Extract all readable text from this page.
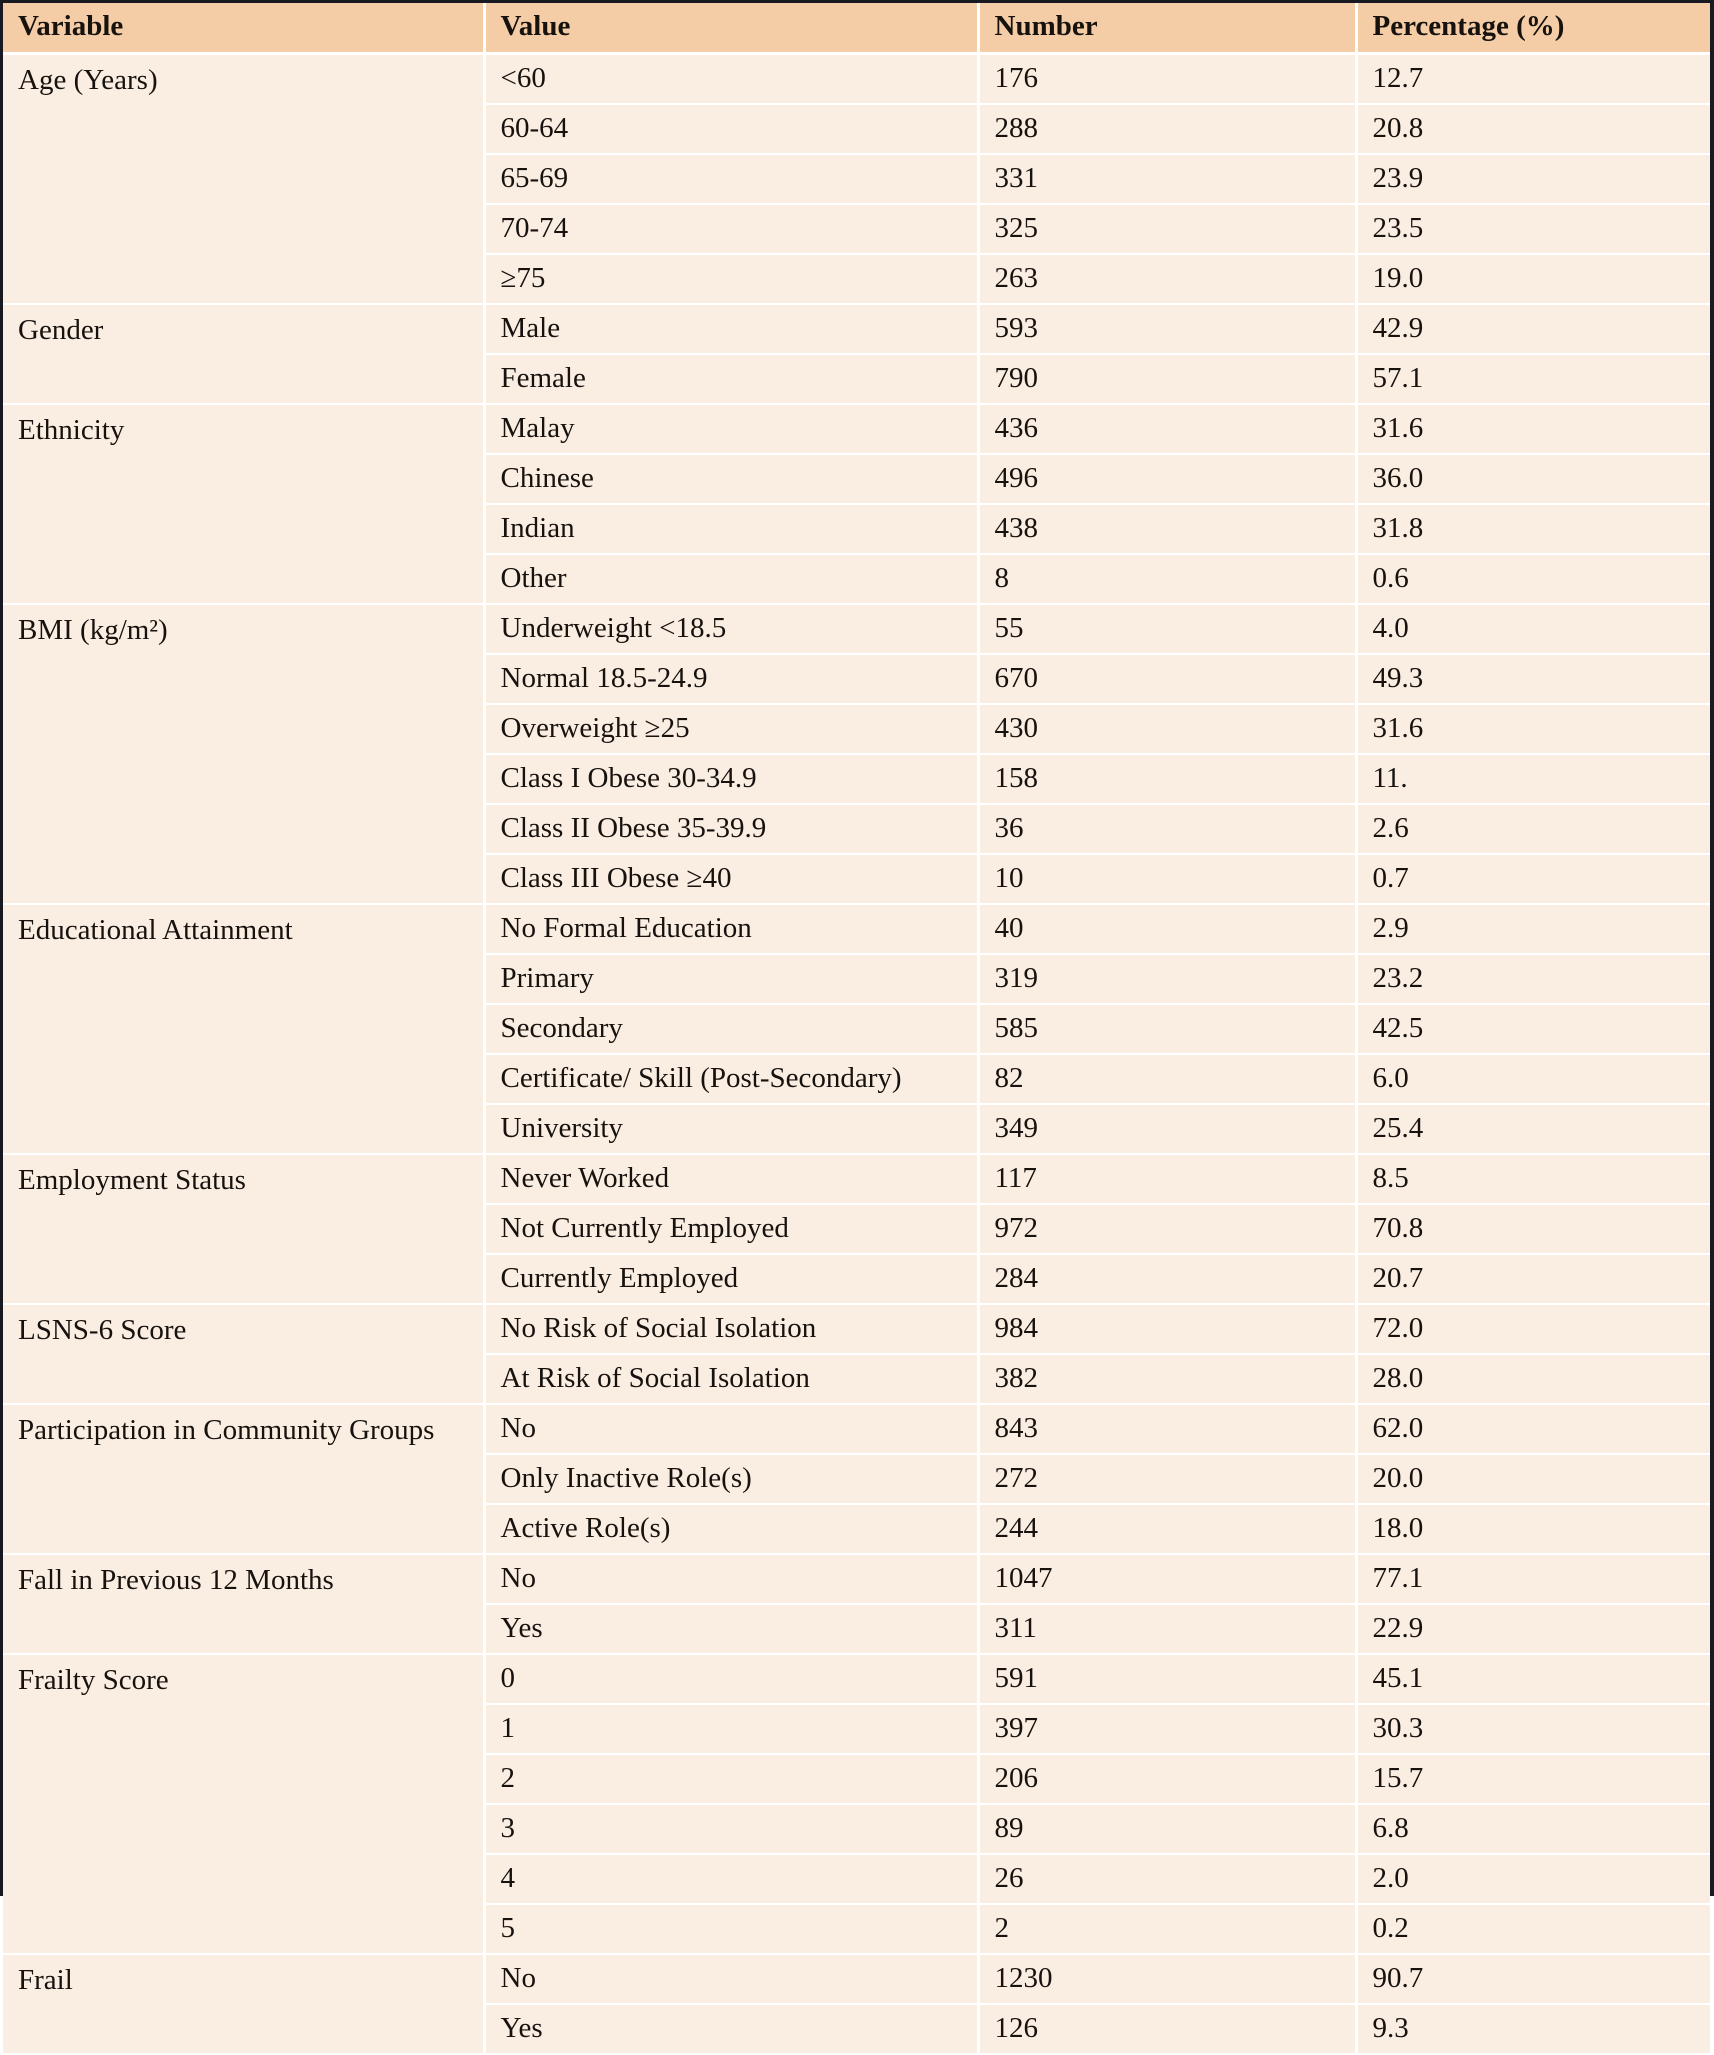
Variable	Value	Number	Percentage (%)
Age (Years)	<60	176	12.7
	60-64	288	20.8
	65-69	331	23.9
	70-74	325	23.5
	≥75	263	19.0
Gender	Male	593	42.9
	Female	790	57.1
Ethnicity	Malay	436	31.6
	Chinese	496	36.0
	Indian	438	31.8
	Other	8	0.6
BMI (kg/m²)	Underweight <18.5	55	4.0
	Normal 18.5-24.9	670	49.3
	Overweight ≥25	430	31.6
	Class I Obese 30-34.9	158	11.
	Class II Obese 35-39.9	36	2.6
	Class III Obese ≥40	10	0.7
Educational Attainment	No Formal Education	40	2.9
	Primary	319	23.2
	Secondary	585	42.5
	Certificate/ Skill (Post-Secondary)	82	6.0
	University	349	25.4
Employment Status	Never Worked	117	8.5
	Not Currently Employed	972	70.8
	Currently Employed	284	20.7
LSNS-6 Score	No Risk of Social Isolation	984	72.0
	At Risk of Social Isolation	382	28.0
Participation in Community Groups	No	843	62.0
	Only Inactive Role(s)	272	20.0
	Active Role(s)	244	18.0
Fall in Previous 12 Months	No	1047	77.1
	Yes	311	22.9
Frailty Score	0	591	45.1
	1	397	30.3
	2	206	15.7
	3	89	6.8
	4	26	2.0
	5	2	0.2
Frail	No	1230	90.7
	Yes	126	9.3
